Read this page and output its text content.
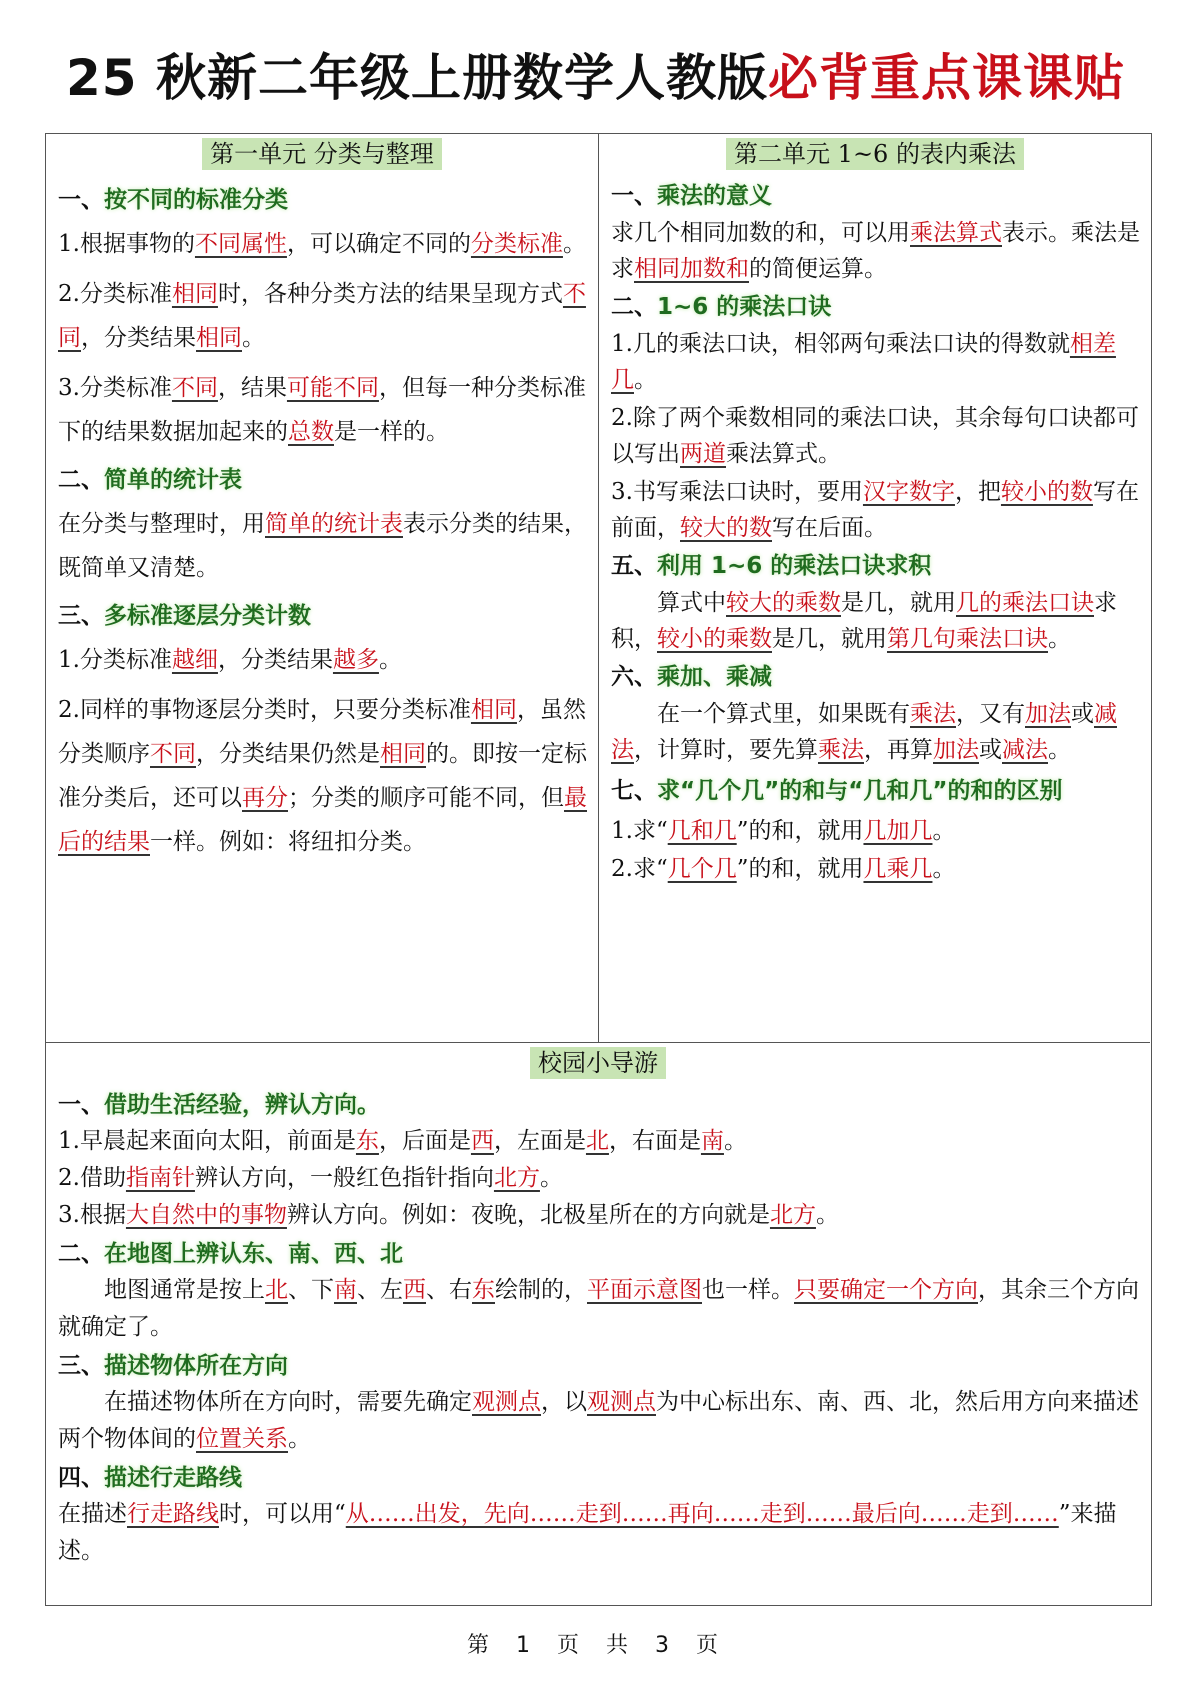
25 秋新二年级上册数学人教版必背重点课课贴
第一单元 分类与整理
一、按不同的标准分类
1.根据事物的不同属性，可以确定不同的分类标准。
2.分类标准相同时，各种分类方法的结果呈现方式不同，分类结果相同。
3.分类标准不同，结果可能不同，但每一种分类标准下的结果数据加起来的总数是一样的。
二、简单的统计表
在分类与整理时，用简单的统计表表示分类的结果，既简单又清楚。
三、多标准逐层分类计数
1.分类标准越细，分类结果越多。
2.同样的事物逐层分类时，只要分类标准相同，虽然分类顺序不同，分类结果仍然是相同的。即按一定标准分类后，还可以再分；分类的顺序可能不同，但最后的结果一样。例如：将纽扣分类。
第二单元 1~6 的表内乘法
一、乘法的意义
求几个相同加数的和，可以用乘法算式表示。乘法是求相同加数和的简便运算。
二、1~6 的乘法口诀
1.几的乘法口诀，相邻两句乘法口诀的得数就相差几。
2.除了两个乘数相同的乘法口诀，其余每句口诀都可以写出两道乘法算式。
3.书写乘法口诀时，要用汉字数字，把较小的数写在前面，较大的数写在后面。
五、利用 1~6 的乘法口诀求积
算式中较大的乘数是几，就用几的乘法口诀求积，较小的乘数是几，就用第几句乘法口诀。
六、乘加、乘减
在一个算式里，如果既有乘法，又有加法或减法，计算时，要先算乘法，再算加法或减法。
七、求“几个几”的和与“几和几”的和的区别
1.求“几和几”的和，就用几加几。
2.求“几个几”的和，就用几乘几。
校园小导游
一、借助生活经验，辨认方向。
1.早晨起来面向太阳，前面是东，后面是西，左面是北，右面是南。
2.借助指南针辨认方向，一般红色指针指向北方。
3.根据大自然中的事物辨认方向。例如：夜晚，北极星所在的方向就是北方。
二、在地图上辨认东、南、西、北
地图通常是按上北、下南、左西、右东绘制的，平面示意图也一样。只要确定一个方向，其余三个方向就确定了。
三、描述物体所在方向
在描述物体所在方向时，需要先确定观测点，以观测点为中心标出东、南、西、北，然后用方向来描述两个物体间的位置关系。
四、描述行走路线
在描述行走路线时，可以用“从……出发，先向……走到……再向……走到……最后向……走到……”来描述。
第 1 页 共 3 页
